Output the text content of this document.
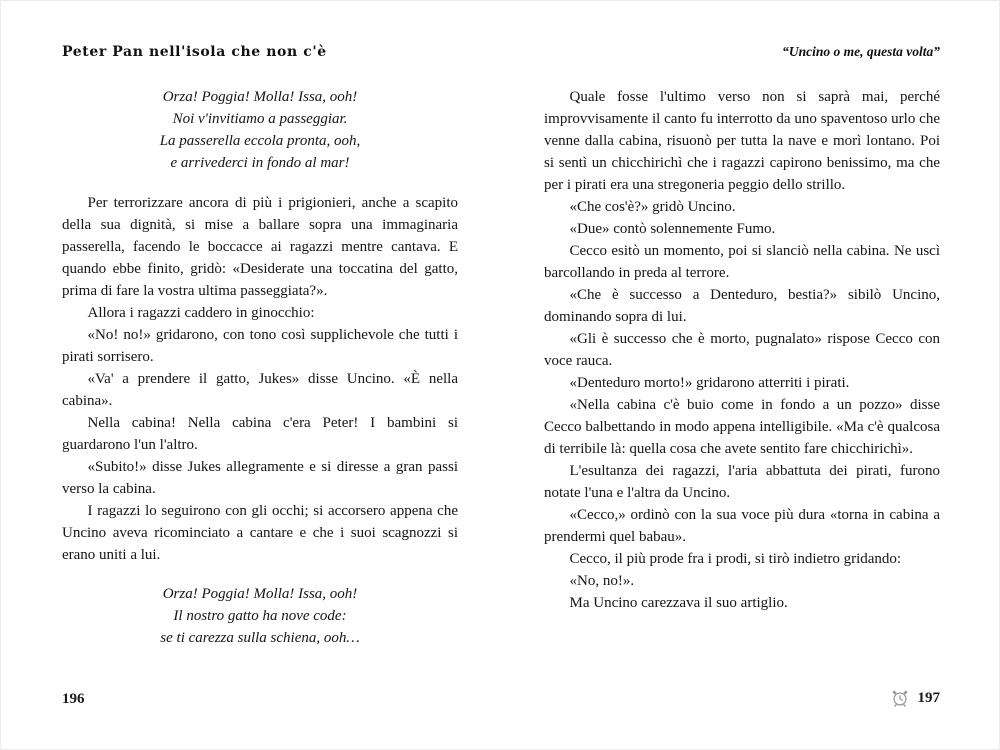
Peter Pan nell'isola che non c'è

Orza! Poggia! Molla! Issa, ooh!

Noi v'invitiamo a passeggiar.

La passerella eccola pronta, ooh,

e arrivederci in fondo al mar!

Per terrorizzare ancora di più i prigionieri, anche a scapito della sua dignità, si mise a ballare sopra una immaginaria passerella, facendo le boccacce ai ragazzi mentre cantava. E quando ebbe finito, gridò: «Desiderate una toccatina del gatto, prima di fare la vostra ultima passeggiata?».

Allora i ragazzi caddero in ginocchio:

«No! no!» gridarono, con tono così supplichevole che tutti i pirati sorrisero.

«Va' a prendere il gatto, Jukes» disse Uncino. «È nella cabina».

Nella cabina! Nella cabina c'era Peter! I bambini si guardarono l'un l'altro.

«Subito!» disse Jukes allegramente e si diresse a gran passi verso la cabina.

I ragazzi lo seguirono con gli occhi; si accorsero appena che Uncino aveva ricominciato a cantare e che i suoi scagnozzi si erano uniti a lui.

Orza! Poggia! Molla! Issa, ooh!

Il nostro gatto ha nove code:

se ti carezza sulla schiena, ooh…

“Uncino o me, questa volta”

Quale fosse l'ultimo verso non si saprà mai, perché improvvisamente il canto fu interrotto da uno spaventoso urlo che venne dalla cabina, risuonò per tutta la nave e morì lontano. Poi si sentì un chicchirichì che i ragazzi capirono benissimo, ma che per i pirati era una stregoneria peggio dello strillo.

«Che cos'è?» gridò Uncino.

«Due» contò solennemente Fumo.

Cecco esitò un momento, poi si slanciò nella cabina. Ne uscì barcollando in preda al terrore.

«Che è successo a Denteduro, bestia?» sibilò Uncino, dominando sopra di lui.

«Gli è successo che è morto, pugnalato» rispose Cecco con voce rauca.

«Denteduro morto!» gridarono atterriti i pirati.

«Nella cabina c'è buio come in fondo a un pozzo» disse Cecco balbettando in modo appena intelligibile. «Ma c'è qualcosa di terribile là: quella cosa che avete sentito fare chicchirichì».

L'esultanza dei ragazzi, l'aria abbattuta dei pirati, furono notate l'una e l'altra da Uncino.

«Cecco,» ordinò con la sua voce più dura «torna in cabina a prendermi quel babau».

Cecco, il più prode fra i prodi, si tirò indietro gridando:

«No, no!».

Ma Uncino carezzava il suo artiglio.

196	197
